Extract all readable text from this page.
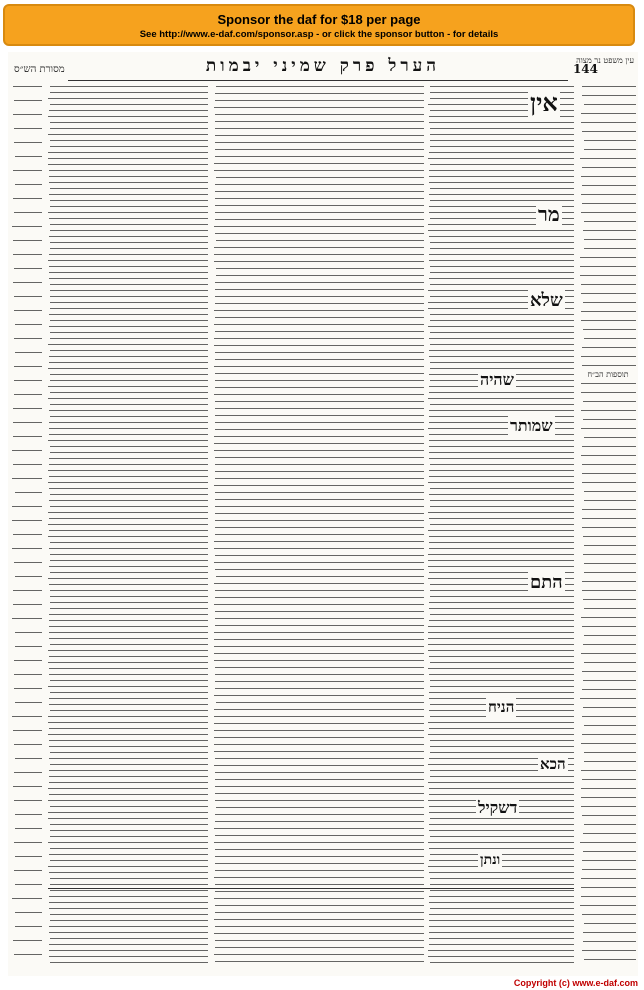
Sponsor the daf for $18 per page
See http://www.e-daf.com/sponsor.asp - or click the sponsor button - for details
מסורת הש״ס	הערל פרק שמיני יבמות	144
עין משפט נר מצוה
תוספות הב״ח
אין
מר
שלא
שהיה
שמותר
התם
הניח
הכא
דשקיל
ונתן
Copyright (c) www.e-daf.com
